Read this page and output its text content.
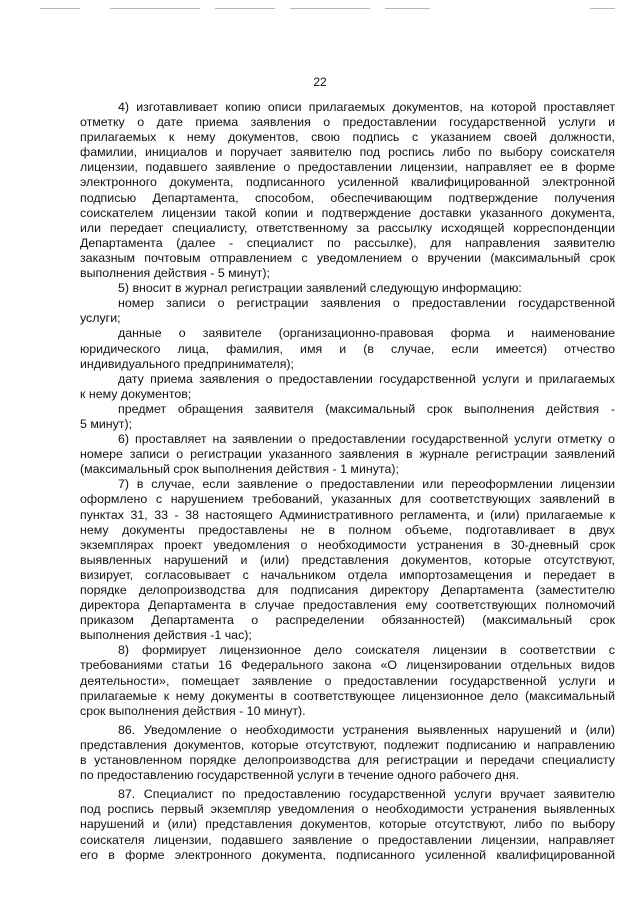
22
4) изготавливает копию описи прилагаемых документов, на которой проставляет
отметку о дате приема заявления о предоставлении государственной услуги и
прилагаемых к нему документов, свою подпись с указанием своей должности,
фамилии, инициалов и поручает заявителю под роспись либо по выбору соискателя
лицензии, подавшего заявление о предоставлении лицензии, направляет ее в форме
электронного документа, подписанного усиленной квалифицированной электронной
подписью Департамента, способом, обеспечивающим подтверждение получения
соискателем лицензии такой копии и подтверждение доставки указанного документа,
или передает специалисту, ответственному за рассылку исходящей корреспонденции
Департамента (далее - специалист по рассылке), для направления заявителю
заказным почтовым отправлением с уведомлением о вручении (максимальный срок
выполнения действия - 5 минут);
5) вносит в журнал регистрации заявлений следующую информацию:
номер записи о регистрации заявления о предоставлении государственной
услуги;
данные о заявителе (организационно-правовая форма и наименование
юридического лица, фамилия, имя и (в случае, если имеется) отчество
индивидуального предпринимателя);
дату приема заявления о предоставлении государственной услуги и прилагаемых
к нему документов;
предмет обращения заявителя (максимальный срок выполнения действия -
5 минут);
6) проставляет на заявлении о предоставлении государственной услуги отметку о
номере записи о регистрации указанного заявления в журнале регистрации заявлений
(максимальный срок выполнения действия - 1 минута);
7) в случае, если заявление о предоставлении или переоформлении лицензии
оформлено с нарушением требований, указанных для соответствующих заявлений в
пунктах 31, 33 - 38 настоящего Административного регламента, и (или) прилагаемые к
нему документы предоставлены не в полном объеме, подготавливает в двух
экземплярах проект уведомления о необходимости устранения в 30-дневный срок
выявленных нарушений и (или) представления документов, которые отсутствуют,
визирует, согласовывает с начальником отдела импортозамещения и передает в
порядке делопроизводства для подписания директору Департамента (заместителю
директора Департамента в случае предоставления ему соответствующих полномочий
приказом Департамента о распределении обязанностей) (максимальный срок
выполнения действия -1 час);
8) формирует лицензионное дело соискателя лицензии в соответствии с
требованиями статьи 16 Федерального закона «О лицензировании отдельных видов
деятельности», помещает заявление о предоставлении государственной услуги и
прилагаемые к нему документы в соответствующее лицензионное дело (максимальный
срок выполнения действия - 10 минут).
86. Уведомление о необходимости устранения выявленных нарушений и (или)
представления документов, которые отсутствуют, подлежит подписанию и направлению
в установленном порядке делопроизводства для регистрации и передачи специалисту
по предоставлению государственной услуги в течение одного рабочего дня.
87. Специалист по предоставлению государственной услуги вручает заявителю
под роспись первый экземпляр уведомления о необходимости устранения выявленных
нарушений и (или) представления документов, которые отсутствуют, либо по выбору
соискателя лицензии, подавшего заявление о предоставлении лицензии, направляет
его в форме электронного документа, подписанного усиленной квалифицированной
